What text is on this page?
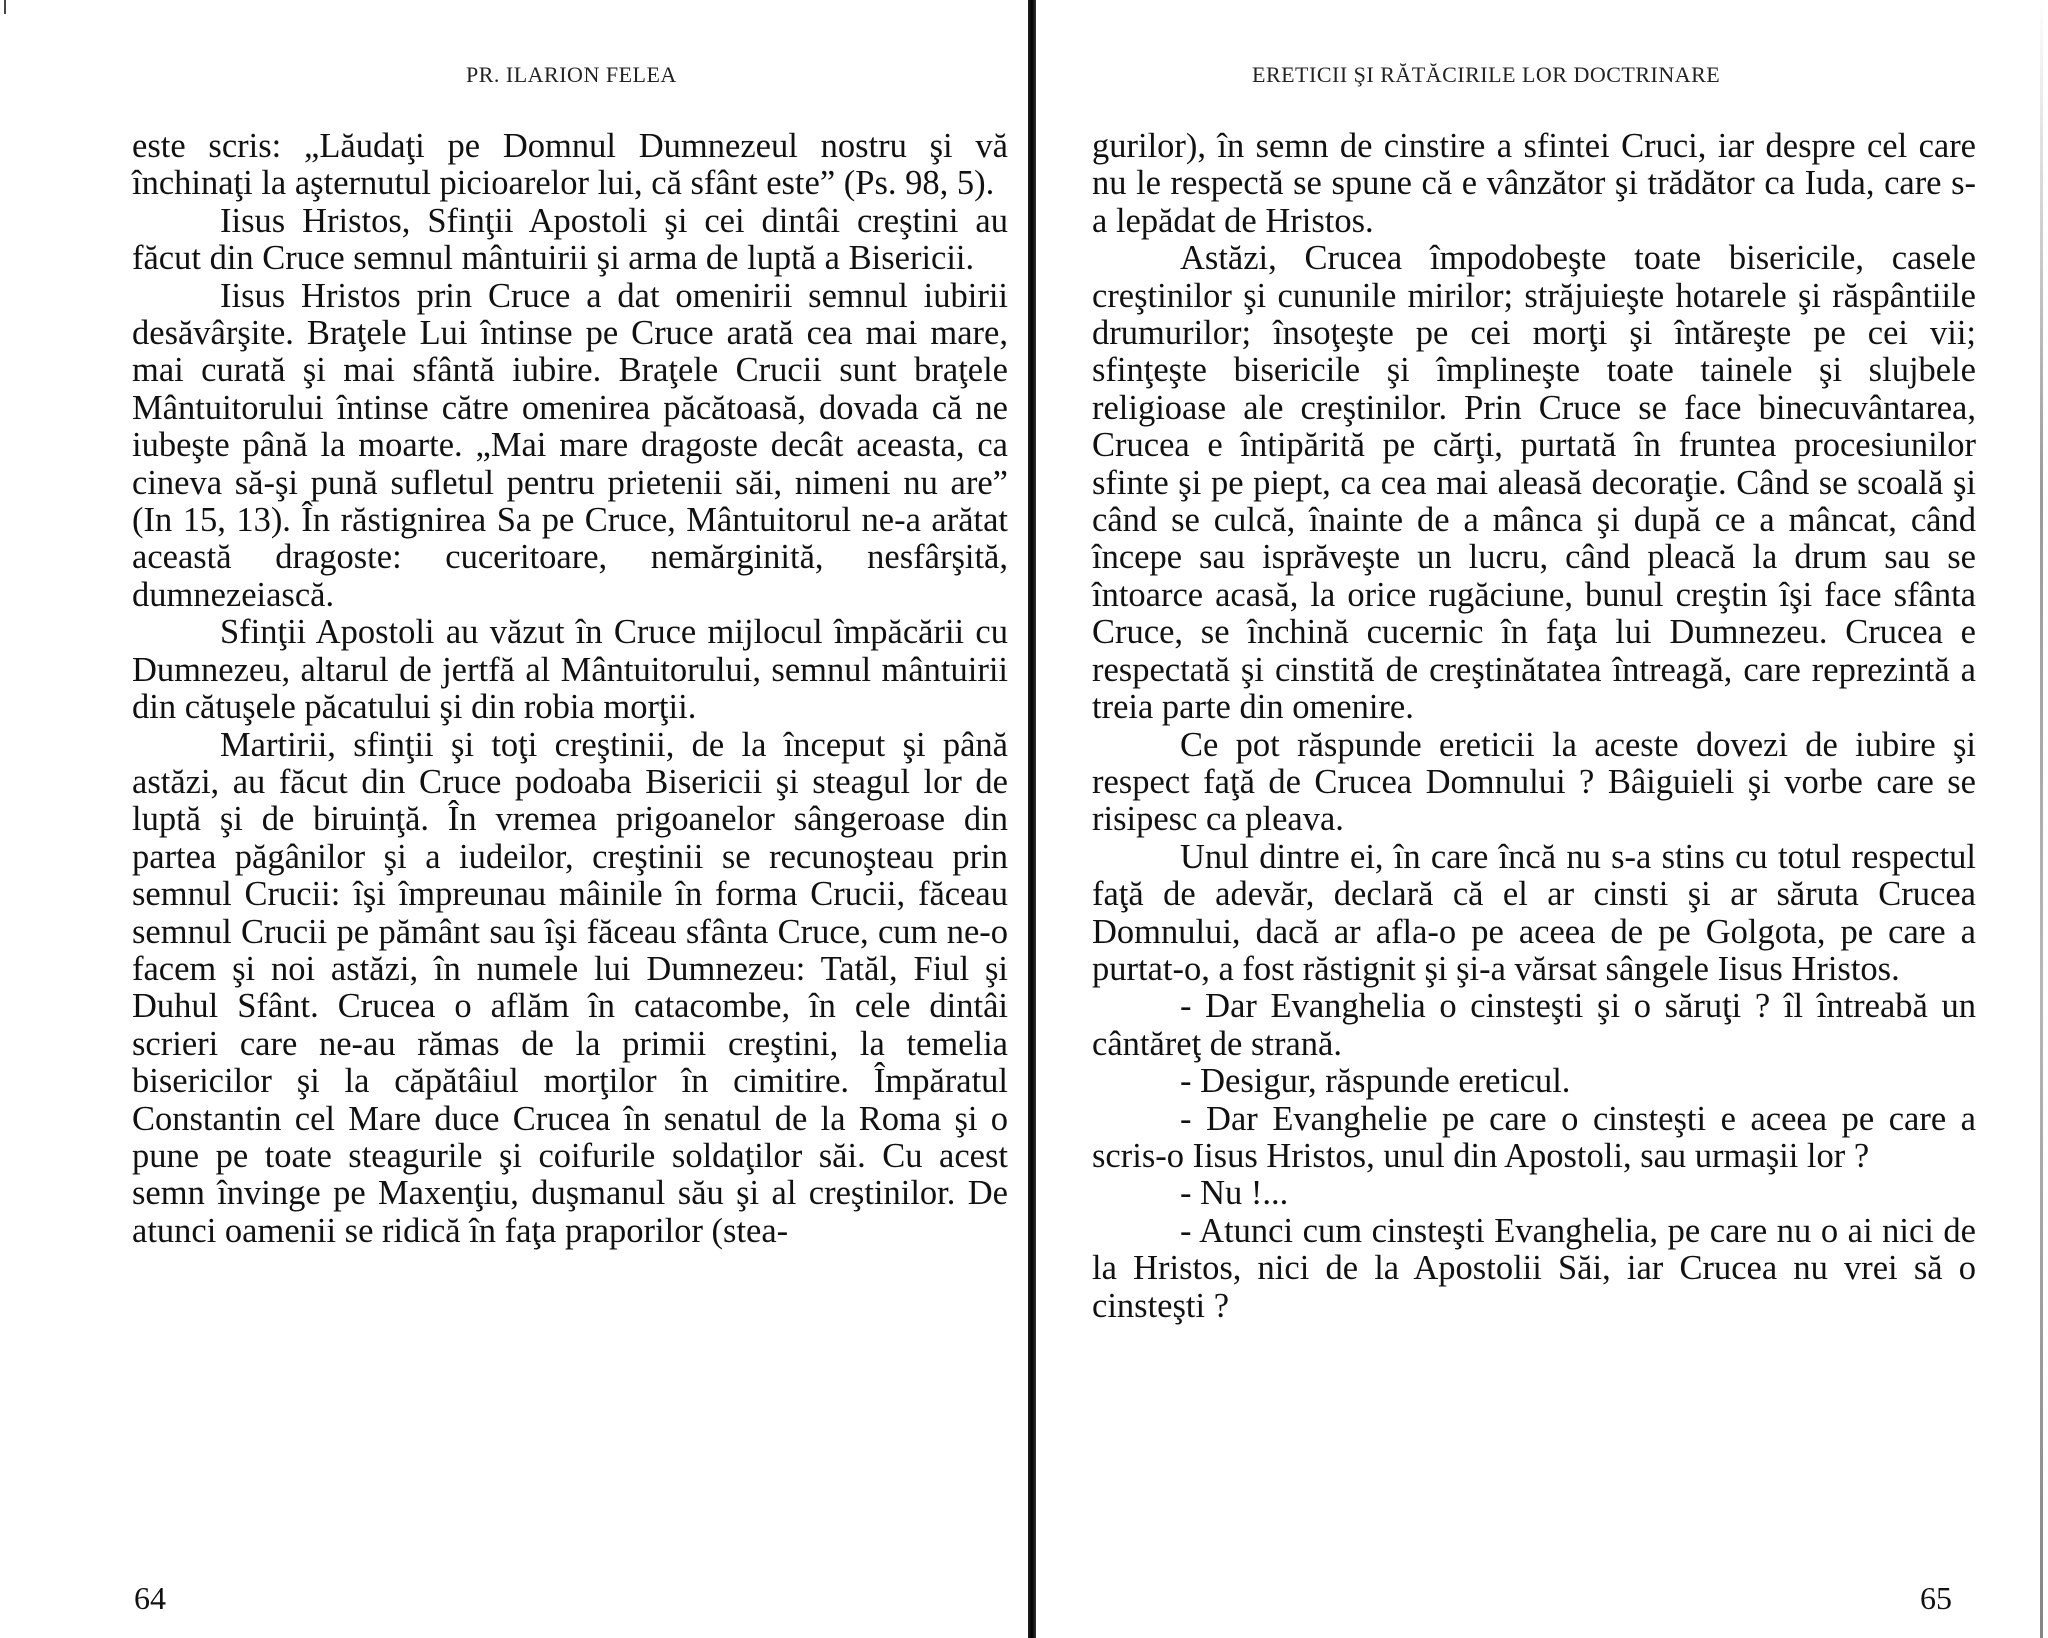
PR. ILARION FELEA

este scris: „Lăudaţi pe Domnul Dumnezeul nostru şi vă închinaţi la aşternutul picioarelor lui, că sfânt este” (Ps. 98, 5).

Iisus Hristos, Sfinţii Apostoli şi cei dintâi creştini au făcut din Cruce semnul mântuirii şi arma de luptă a Bisericii.

Iisus Hristos prin Cruce a dat omenirii semnul iubirii desăvârşite. Braţele Lui întinse pe Cruce arată cea mai mare, mai curată şi mai sfântă iubire. Braţele Crucii sunt braţele Mântuitorului întinse către omenirea păcătoasă, dovada că ne iubeşte până la moarte. „Mai mare dragoste decât aceasta, ca cineva să-şi pună sufletul pentru prietenii săi, nimeni nu are” (In 15, 13). În răstignirea Sa pe Cruce, Mântuitorul ne-a arătat această dragoste: cuceritoare, nemărginită, nesfârşită, dumnezeiască.

Sfinţii Apostoli au văzut în Cruce mijlocul împăcării cu Dumnezeu, altarul de jertfă al Mântuitorului, semnul mântuirii din cătuşele păcatului şi din robia morţii.

Martirii, sfinţii şi toţi creştinii, de la început şi până astăzi, au făcut din Cruce podoaba Bisericii şi steagul lor de luptă şi de biruinţă. În vremea prigoanelor sângeroase din partea păgânilor şi a iudeilor, creştinii se recunoşteau prin semnul Crucii: îşi împreunau mâinile în forma Crucii, făceau semnul Crucii pe pământ sau îşi făceau sfânta Cruce, cum ne-o facem şi noi astăzi, în numele lui Dumnezeu: Tatăl, Fiul şi Duhul Sfânt. Crucea o aflăm în catacombe, în cele dintâi scrieri care ne-au rămas de la primii creştini, la temelia bisericilor şi la căpătâiul morţilor în cimitire. Împăratul Constantin cel Mare duce Crucea în senatul de la Roma şi o pune pe toate steagurile şi coifurile soldaţilor săi. Cu acest semn învinge pe Maxenţiu, duşmanul său şi al creştinilor. De atunci oamenii se ridică în faţa praporilor (stea-

64
ERETICII ŞI RĂTĂCIRILE LOR DOCTRINARE

gurilor), în semn de cinstire a sfintei Cruci, iar despre cel care nu le respectă se spune că e vânzător şi trădător ca Iuda, care s-a lepădat de Hristos.

Astăzi, Crucea împodobeşte toate bisericile, casele creştinilor şi cununile mirilor; străjuieşte hotarele şi răspântiile drumurilor; însoţeşte pe cei morţi şi întăreşte pe cei vii; sfinţeşte bisericile şi împlineşte toate tainele şi slujbele religioase ale creştinilor. Prin Cruce se face binecuvântarea, Crucea e întipărită pe cărţi, purtată în fruntea procesiunilor sfinte şi pe piept, ca cea mai aleasă decoraţie. Când se scoală şi când se culcă, înainte de a mânca şi după ce a mâncat, când începe sau isprăveşte un lucru, când pleacă la drum sau se întoarce acasă, la orice rugăciune, bunul creştin îşi face sfânta Cruce, se închină cucernic în faţa lui Dumnezeu. Crucea e respectată şi cinstită de creştinătatea întreagă, care reprezintă a treia parte din omenire.

Ce pot răspunde ereticii la aceste dovezi de iubire şi respect faţă de Crucea Domnului ? Bâiguieli şi vorbe care se risipesc ca pleava.

Unul dintre ei, în care încă nu s-a stins cu totul respectul faţă de adevăr, declară că el ar cinsti şi ar săruta Crucea Domnului, dacă ar afla-o pe aceea de pe Golgota, pe care a purtat-o, a fost răstignit şi şi-a vărsat sângele Iisus Hristos.

- Dar Evanghelia o cinsteşti şi o săruţi ? îl întreabă un cântăreţ de strană.

- Desigur, răspunde ereticul.

- Dar Evanghelie pe care o cinsteşti e aceea pe care a scris-o Iisus Hristos, unul din Apostoli, sau urmaşii lor ?

- Nu !...

- Atunci cum cinsteşti Evanghelia, pe care nu o ai nici de la Hristos, nici de la Apostolii Săi, iar Crucea nu vrei să o cinsteşti ?

65
